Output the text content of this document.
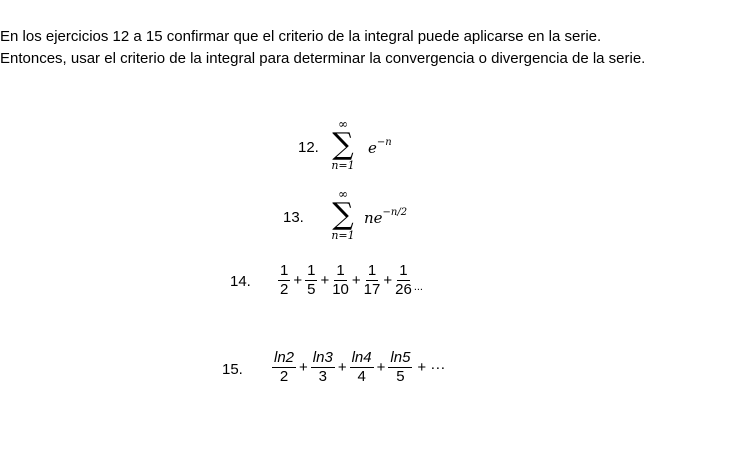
En los ejercicios 12 a 15 confirmar que el criterio de la integral puede aplicarse en la serie.
Entonces, usar el criterio de la integral para determinar la convergencia o divergencia de la serie.
12.
∞
∑
n=1
$e^{-n}$
13.
∞
∑
n=1
$ne^{-n/2}$
14. $\frac{1}{2} + \frac{1}{5} + \frac{1}{10} + \frac{1}{17} + \frac{1}{26}$ ...
15. $\frac{\ln 2}{2} + \frac{\ln 3}{3} + \frac{\ln 4}{4} + \frac{\ln 5}{5}$ + ···
